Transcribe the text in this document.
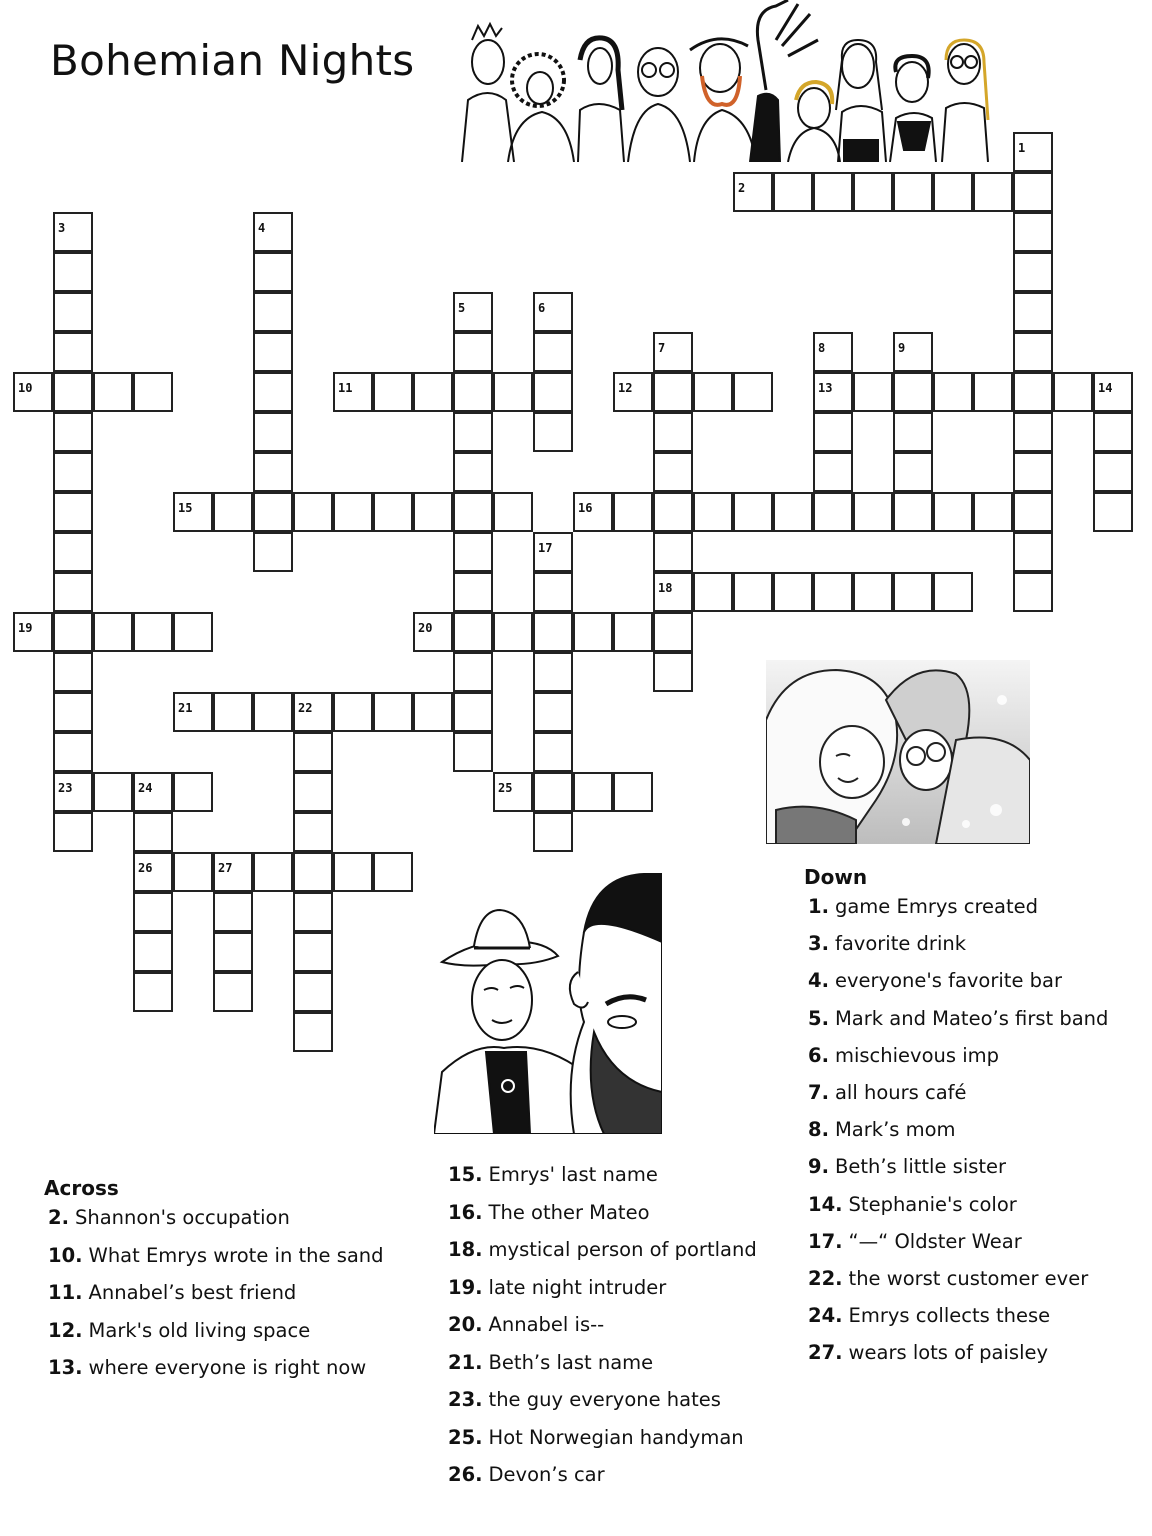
Bohemian Nights
1
2
3
23
4
5	6
7
18
8
13
9
10	11	12	14
15	16
17
19	20
21	22
24
26
25
27
Across
2. Shannon's occupation
10. What Emrys wrote in the sand
11. Annabel’s best friend
12. Mark's old living space
13. where everyone is right now
15. Emrys' last name
16. The other Mateo
18. mystical person of portland
19. late night intruder
20. Annabel is--
21. Beth’s last name
23. the guy everyone hates
25. Hot Norwegian handyman
26. Devon’s car
Down
1. game Emrys created
3. favorite drink
4. everyone's favorite bar
5. Mark and Mateo’s first band
6. mischievous imp
7. all hours café
8. Mark’s mom
9. Beth’s little sister
14. Stephanie's color
17. “—“ Oldster Wear
22. the worst customer ever
24. Emrys collects these
27. wears lots of paisley
